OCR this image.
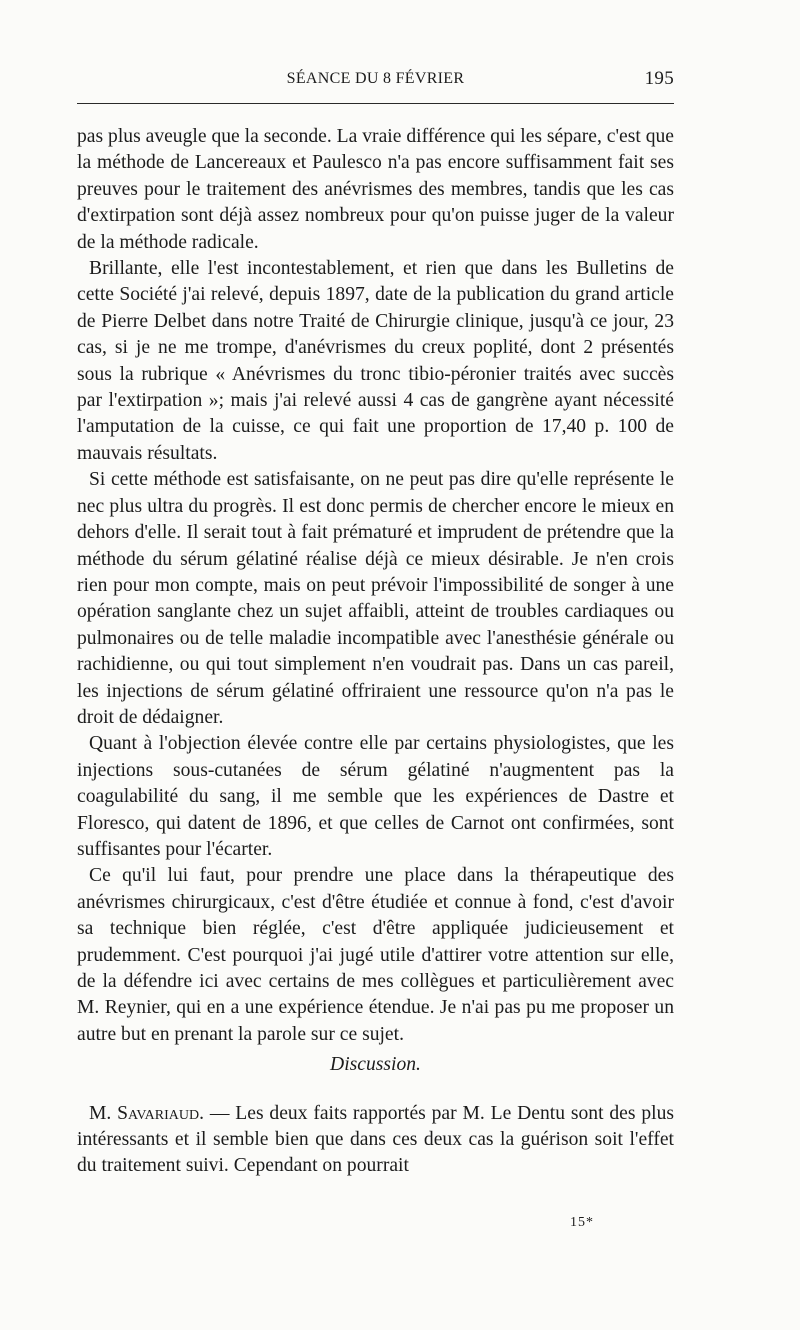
SÉANCE DU 8 FÉVRIER	195

pas plus aveugle que la seconde. La vraie différence qui les sépare, c'est que la méthode de Lancereaux et Paulesco n'a pas encore suffisamment fait ses preuves pour le traitement des anévrismes des membres, tandis que les cas d'extirpation sont déjà assez nombreux pour qu'on puisse juger de la valeur de la méthode radicale.

Brillante, elle l'est incontestablement, et rien que dans les Bulletins de cette Société j'ai relevé, depuis 1897, date de la publication du grand article de Pierre Delbet dans notre Traité de Chirurgie clinique, jusqu'à ce jour, 23 cas, si je ne me trompe, d'anévrismes du creux poplité, dont 2 présentés sous la rubrique « Anévrismes du tronc tibio-péronier traités avec succès par l'extirpation »; mais j'ai relevé aussi 4 cas de gangrène ayant nécessité l'amputation de la cuisse, ce qui fait une proportion de 17,40 p. 100 de mauvais résultats.

Si cette méthode est satisfaisante, on ne peut pas dire qu'elle représente le nec plus ultra du progrès. Il est donc permis de chercher encore le mieux en dehors d'elle. Il serait tout à fait prématuré et imprudent de prétendre que la méthode du sérum gélatiné réalise déjà ce mieux désirable. Je n'en crois rien pour mon compte, mais on peut prévoir l'impossibilité de songer à une opération sanglante chez un sujet affaibli, atteint de troubles cardiaques ou pulmonaires ou de telle maladie incompatible avec l'anesthésie générale ou rachidienne, ou qui tout simplement n'en voudrait pas. Dans un cas pareil, les injections de sérum gélatiné offriraient une ressource qu'on n'a pas le droit de dédaigner.

Quant à l'objection élevée contre elle par certains physiologistes, que les injections sous-cutanées de sérum gélatiné n'augmentent pas la coagulabilité du sang, il me semble que les expériences de Dastre et Floresco, qui datent de 1896, et que celles de Carnot ont confirmées, sont suffisantes pour l'écarter.

Ce qu'il lui faut, pour prendre une place dans la thérapeutique des anévrismes chirurgicaux, c'est d'être étudiée et connue à fond, c'est d'avoir sa technique bien réglée, c'est d'être appliquée judicieusement et prudemment. C'est pourquoi j'ai jugé utile d'attirer votre attention sur elle, de la défendre ici avec certains de mes collègues et particulièrement avec M. Reynier, qui en a une expérience étendue. Je n'ai pas pu me proposer un autre but en prenant la parole sur ce sujet.

Discussion.

M. Savariaud. — Les deux faits rapportés par M. Le Dentu sont des plus intéressants et il semble bien que dans ces deux cas la guérison soit l'effet du traitement suivi. Cependant on pourrait

15*
